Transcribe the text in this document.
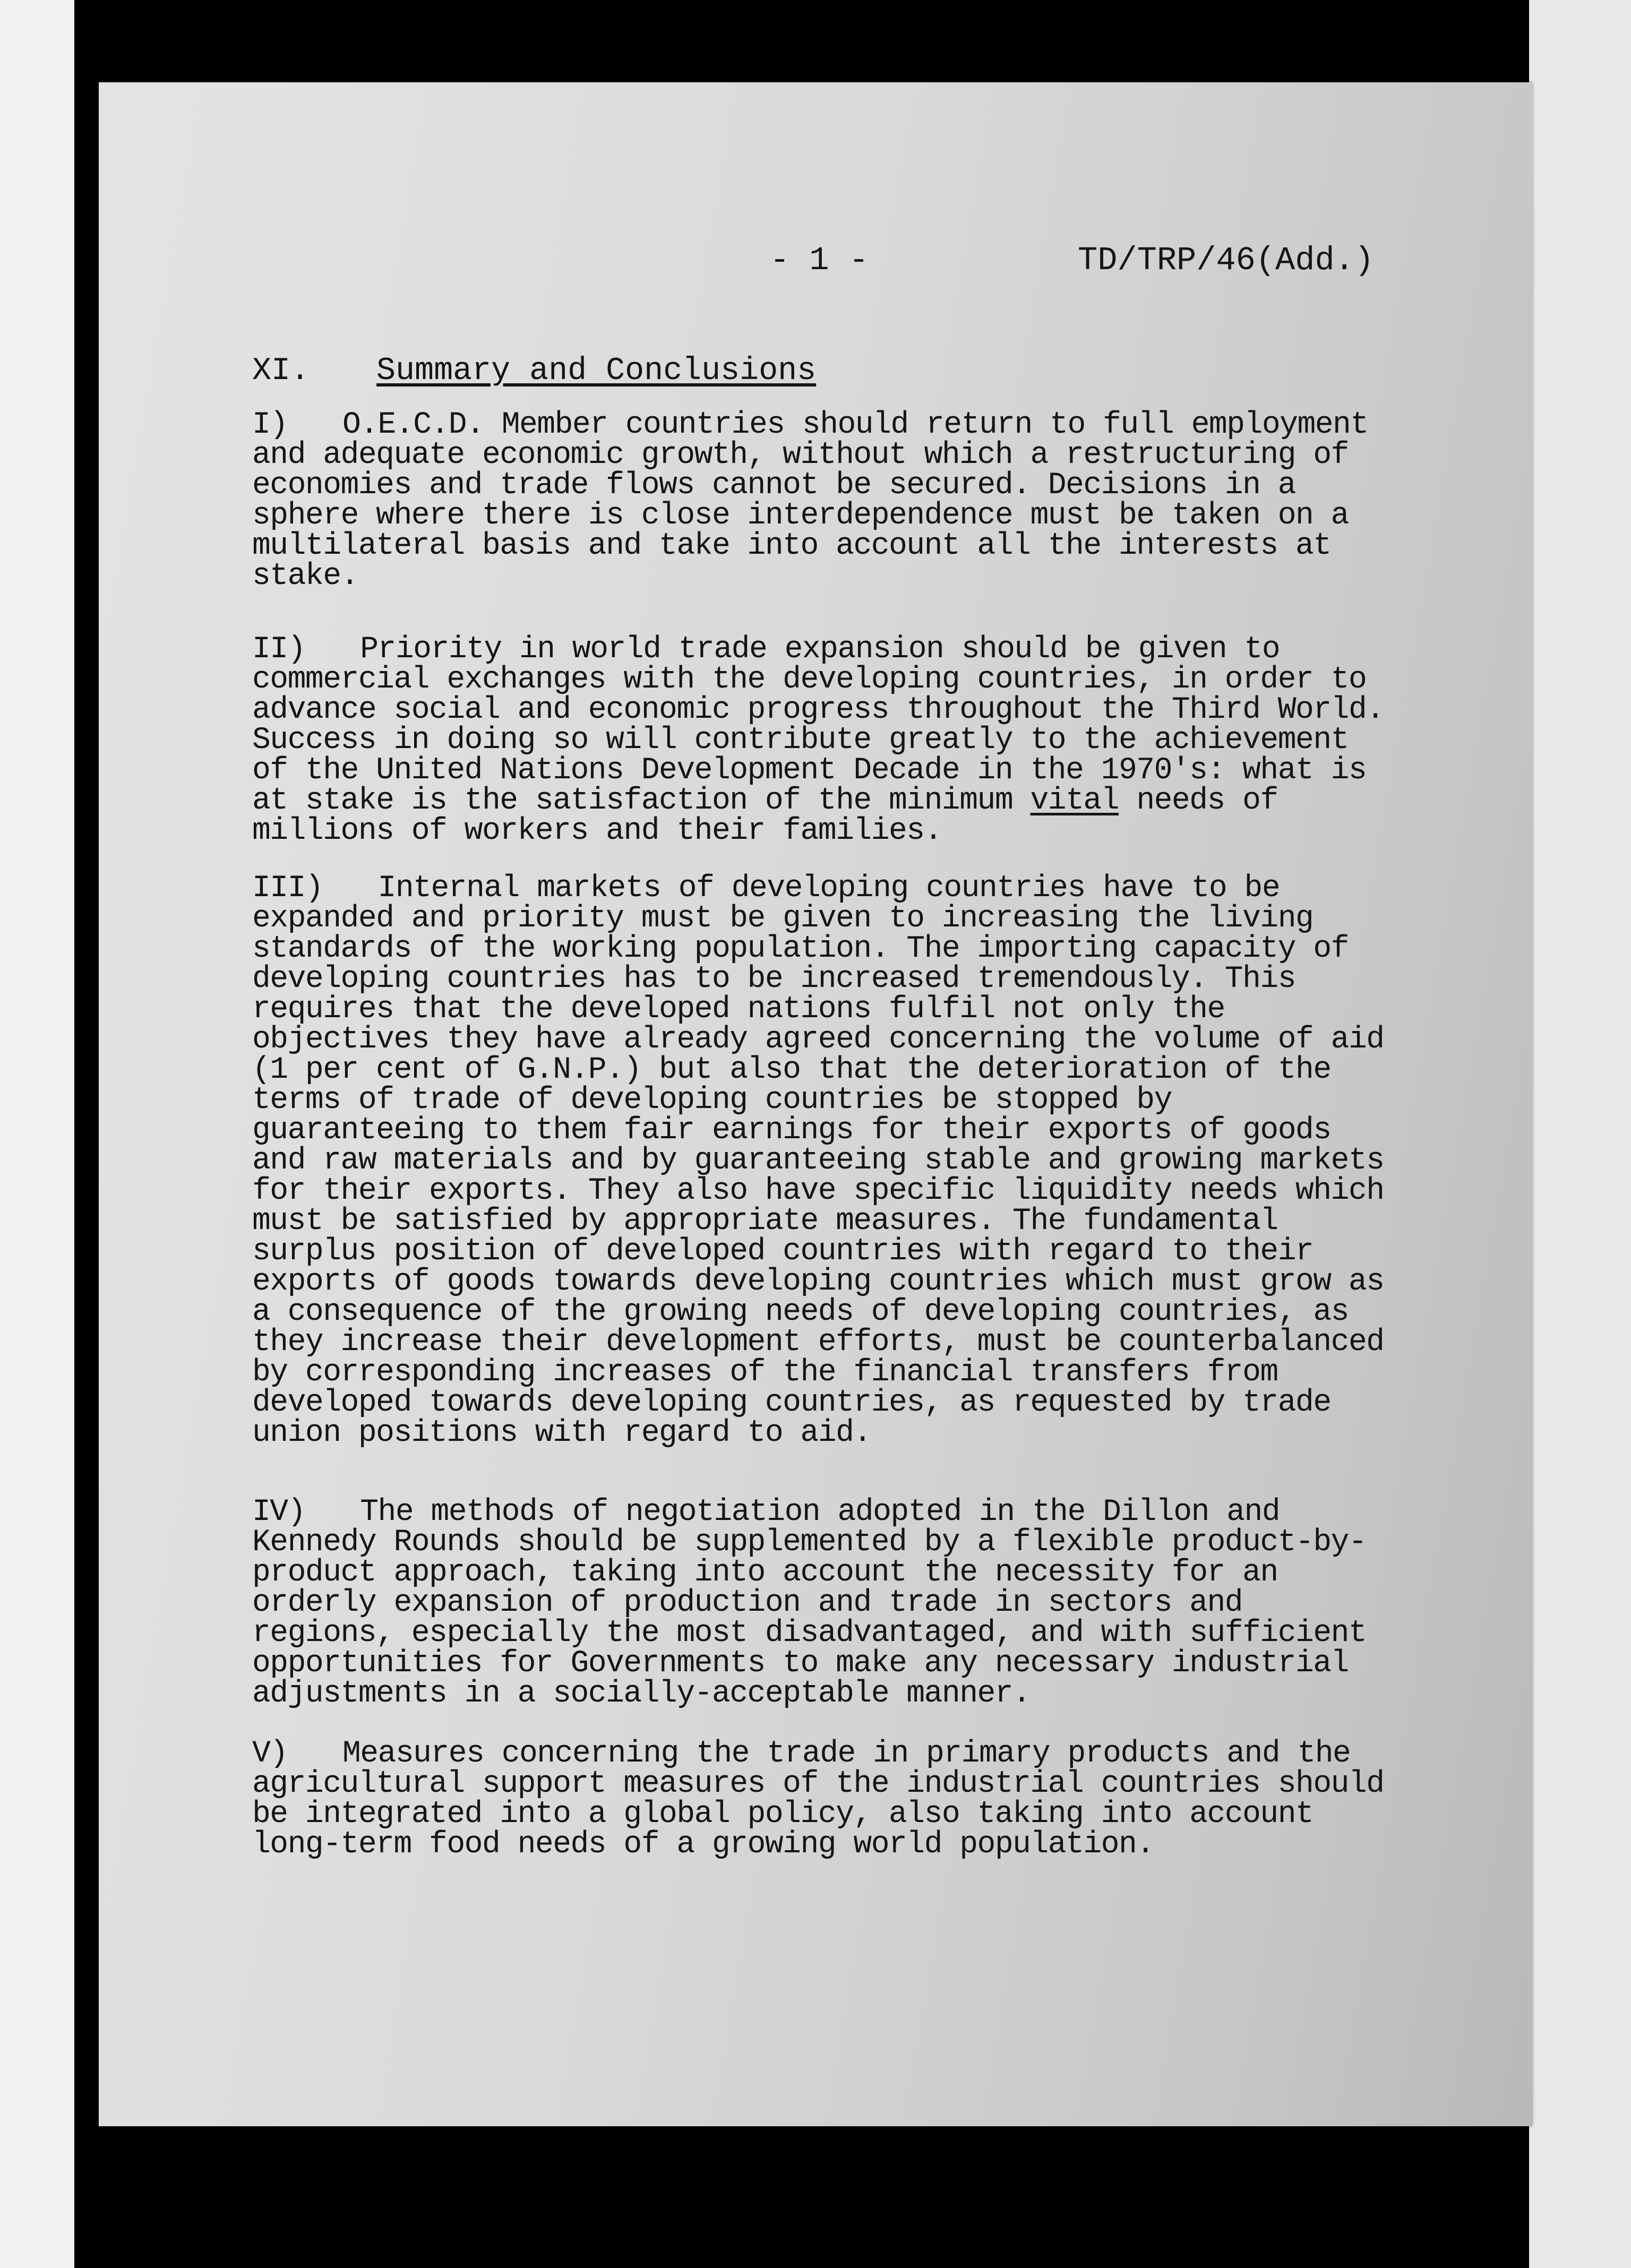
- 1 -	TD/TRP/46(Add.)
XI. Summary and Conclusions
I) O.E.C.D. Member countries should return to full employment and adequate economic growth, without which a restructuring of economies and trade flows cannot be secured. Decisions in a sphere where there is close interdependence must be taken on a multilateral basis and take into account all the interests at stake.
II) Priority in world trade expansion should be given to commercial exchanges with the developing countries, in order to advance social and economic progress throughout the Third World. Success in doing so will contribute greatly to the achievement of the United Nations Development Decade in the 1970's: what is at stake is the satisfaction of the minimum vital needs of millions of workers and their families.
III) Internal markets of developing countries have to be expanded and priority must be given to increasing the living standards of the working population. The importing capacity of developing countries has to be increased tremendously. This requires that the developed nations fulfil not only the objectives they have already agreed concerning the volume of aid (1 per cent of G.N.P.) but also that the deterioration of the terms of trade of developing countries be stopped by guaranteeing to them fair earnings for their exports of goods and raw materials and by guaranteeing stable and growing markets for their exports. They also have specific liquidity needs which must be satisfied by appropriate measures. The fundamental surplus position of developed countries with regard to their exports of goods towards developing countries which must grow as a consequence of the growing needs of developing countries, as they increase their development efforts, must be counterbalanced by corresponding increases of the financial transfers from developed towards developing countries, as requested by trade union positions with regard to aid.
IV) The methods of negotiation adopted in the Dillon and Kennedy Rounds should be supplemented by a flexible product-by-product approach, taking into account the necessity for an orderly expansion of production and trade in sectors and regions, especially the most disadvantaged, and with sufficient opportunities for Governments to make any necessary industrial adjustments in a socially-acceptable manner.
V) Measures concerning the trade in primary products and the agricultural support measures of the industrial countries should be integrated into a global policy, also taking into account long-term food needs of a growing world population.
